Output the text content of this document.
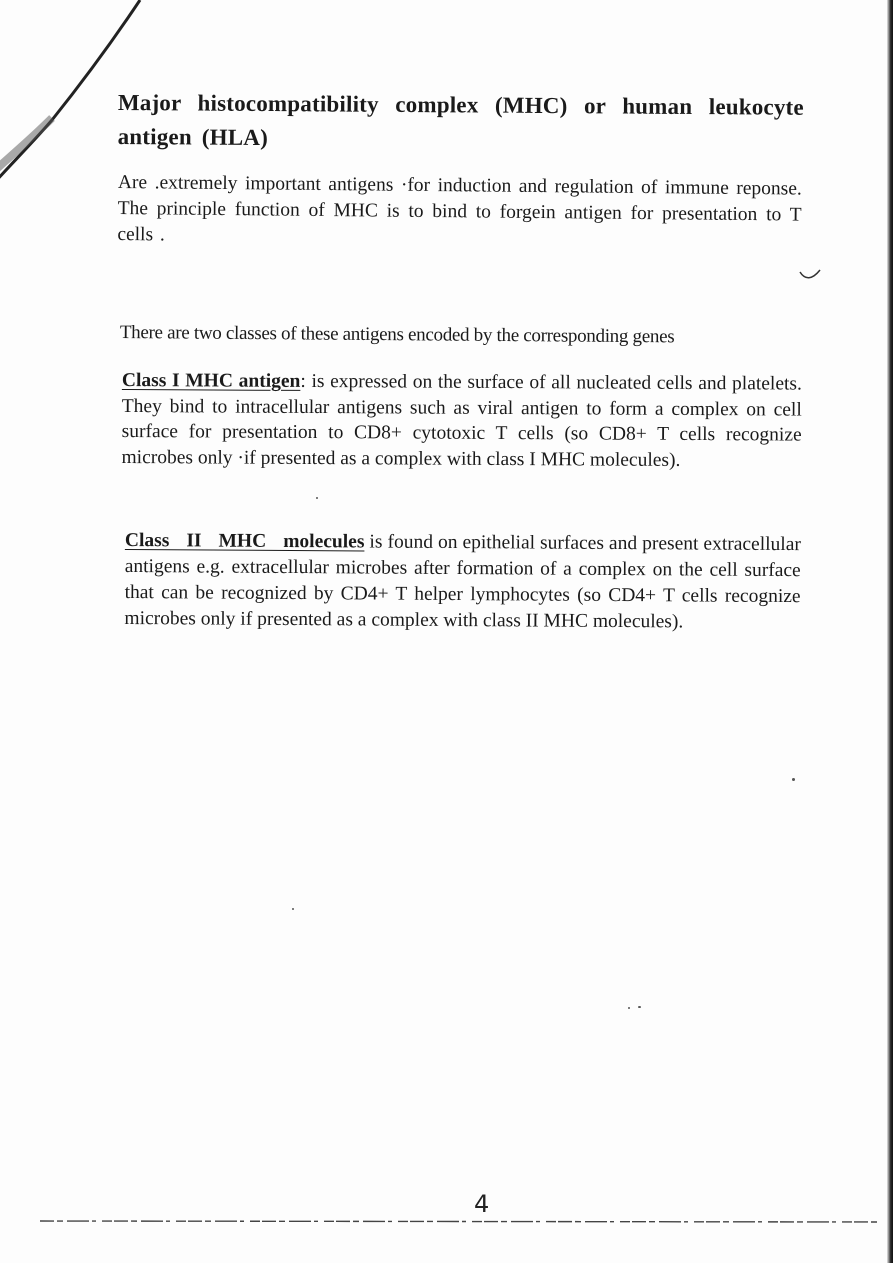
Major histocompatibility complex (MHC) or human leukocyte antigen (HLA)

Are .extremely important antigens ·for induction and regulation of immune reponse. The principle function of MHC is to bind to forgein antigen for presentation to T cells .

There are two classes of these antigens encoded by the corresponding genes

Class I MHC antigen: is expressed on the surface of all nucleated cells and platelets. They bind to intracellular antigens such as viral antigen to form a complex on cell surface for presentation to CD8+ cytotoxic T cells (so CD8+ T cells recognize microbes only ·if presented as a complex with class I MHC molecules).

Class II MHC molecules is found on epithelial surfaces and present extracellular antigens e.g. extracellular microbes after formation of a complex on the cell surface that can be recognized by CD4+ T helper lymphocytes (so CD4+ T cells recognize microbes only if presented as a complex with class II MHC molecules).

4
